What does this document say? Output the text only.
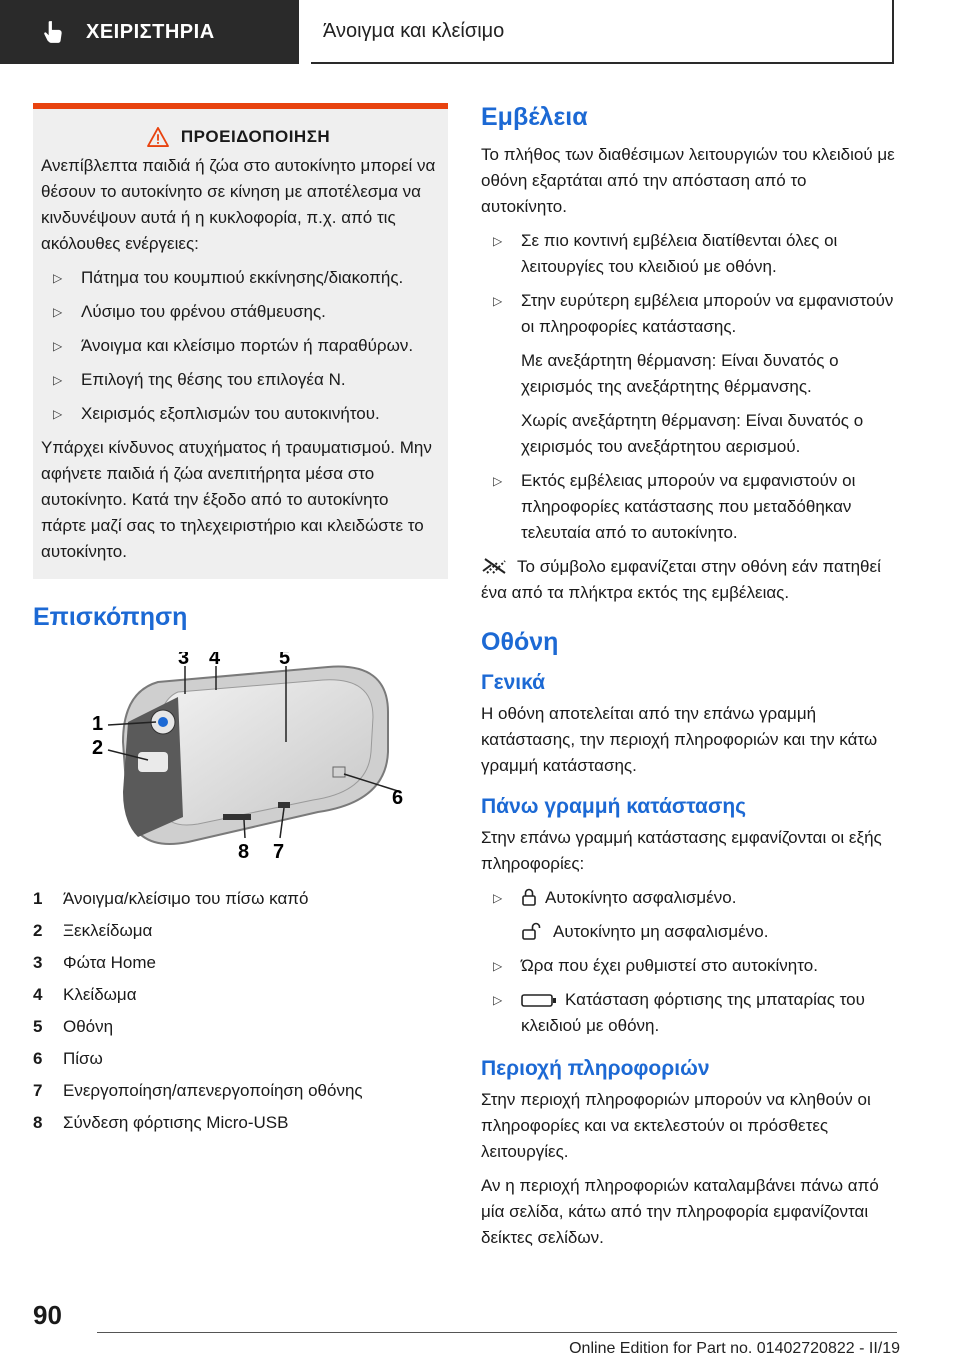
ΧΕΙΡΙΣΤΗΡΙΑ	Άνοιγμα και κλείσιμο
ΠΡΟΕΙΔΟΠΟΙΗΣΗ

Ανεπίβλεπτα παιδιά ή ζώα στο αυτοκίνητο μπορεί να θέσουν το αυτοκίνητο σε κίνηση με αποτέλεσμα να κινδυνέψουν αυτά ή η κυκλοφορία, π.χ. από τις ακόλουθες ενέργειες:

▷ Πάτημα του κουμπιού εκκίνησης/διακοπής.
▷ Λύσιμο του φρένου στάθμευσης.
▷ Άνοιγμα και κλείσιμο πορτών ή παραθύρων.
▷ Επιλογή της θέσης του επιλογέα N.
▷ Χειρισμός εξοπλισμών του αυτοκινήτου.

Υπάρχει κίνδυνος ατυχήματος ή τραυματισμού. Μην αφήνετε παιδιά ή ζώα ανεπιτήρητα μέσα στο αυτοκίνητο. Κατά την έξοδο από το αυτοκίνητο πάρτε μαζί σας το τηλεχειριστήριο και κλειδώστε το αυτοκίνητο.

Επισκόπηση
1
2
3 4	5
6
7
8
1	Άνοιγμα/κλείσιμο του πίσω καπό
2	Ξεκλείδωμα
3	Φώτα Home
4	Κλείδωμα
5	Οθόνη
6	Πίσω
7	Ενεργοποίηση/απενεργοποίηση οθόνης
8	Σύνδεση φόρτισης Micro-USB
Εμβέλεια

Το πλήθος των διαθέσιμων λειτουργιών του κλειδιού με οθόνη εξαρτάται από την απόσταση από το αυτοκίνητο.

▷ Σε πιο κοντινή εμβέλεια διατίθενται όλες οι λειτουργίες του κλειδιού με οθόνη.
▷ Στην ευρύτερη εμβέλεια μπορούν να εμφανιστούν οι πληροφορίες κατάστασης.
Με ανεξάρτητη θέρμανση: Είναι δυνατός ο χειρισμός της ανεξάρτητης θέρμανσης.
Χωρίς ανεξάρτητη θέρμανση: Είναι δυνατός ο χειρισμός του ανεξάρτητου αερισμού.
▷ Εκτός εμβέλειας μπορούν να εμφανιστούν οι πληροφορίες κατάστασης που μεταδόθηκαν τελευταία από το αυτοκίνητο.

Το σύμβολο εμφανίζεται στην οθόνη εάν πατηθεί ένα από τα πλήκτρα εκτός της εμβέλειας.

Οθόνη
Γενικά

Η οθόνη αποτελείται από την επάνω γραμμή κατάστασης, την περιοχή πληροφοριών και την κάτω γραμμή κατάστασης.

Πάνω γραμμή κατάστασης

Στην επάνω γραμμή κατάστασης εμφανίζονται οι εξής πληροφορίες:

▷	Αυτοκίνητο ασφαλισμένο.
Αυτοκίνητο μη ασφαλισμένο.
▷ Ώρα που έχει ρυθμιστεί στο αυτοκίνητο.
▷	Κατάσταση φόρτισης της μπαταρίας του κλειδιού με οθόνη.
Περιοχή πληροφοριών

Στην περιοχή πληροφοριών μπορούν να κληθούν οι πληροφορίες και να εκτελεστούν οι πρόσθετες λειτουργίες.

Αν η περιοχή πληροφοριών καταλαμβάνει πάνω από μία σελίδα, κάτω από την πληροφορία εμφανίζονται δείκτες σελίδων.

90
Online Edition for Part no. 01402720822 - II/19
